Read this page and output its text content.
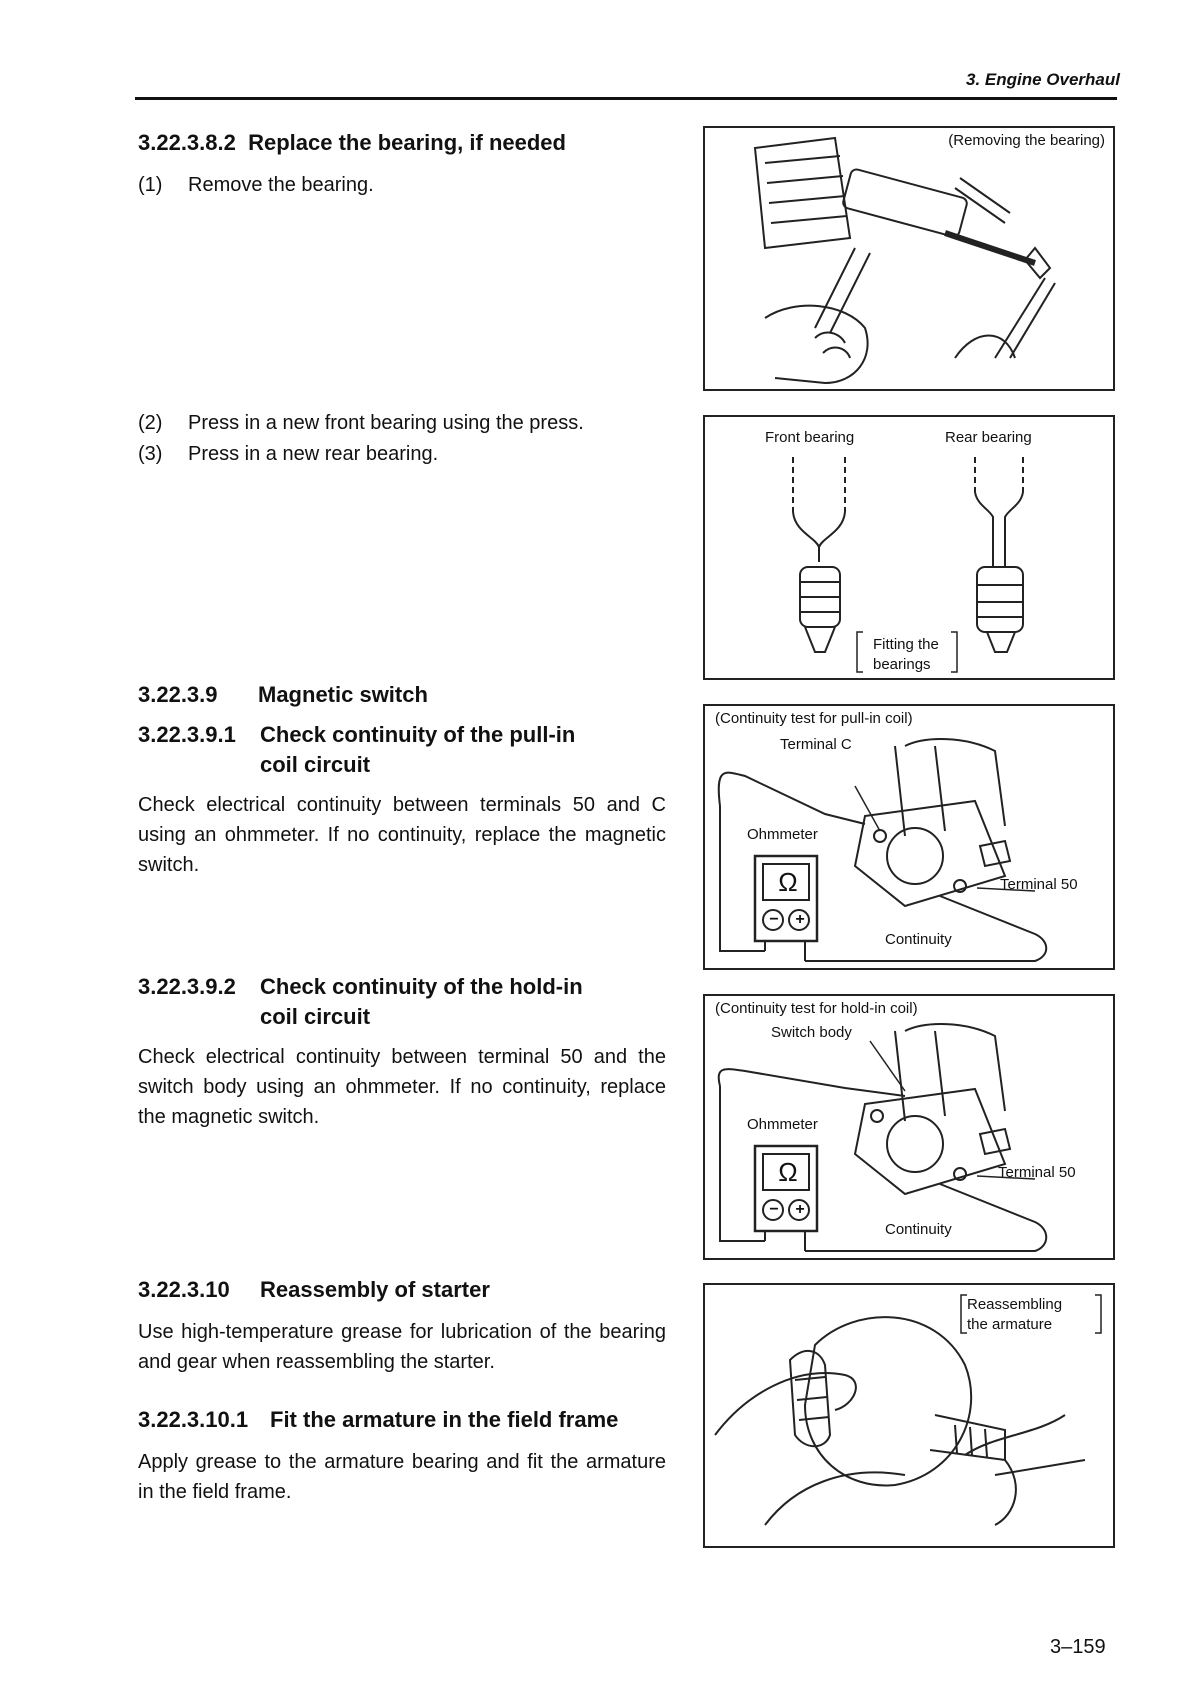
3. Engine Overhaul
3.22.3.8.2 Replace the bearing, if needed
(1) Remove the bearing.
(2) Press in a new front bearing using the press.
(3) Press in a new rear bearing.
3.22.3.9 Magnetic switch
3.22.3.9.1 Check continuity of the pull-in
coil circuit
Check electrical continuity between terminals 50 and C using an ohmmeter. If no continuity, replace the magnetic switch.
3.22.3.9.2 Check continuity of the hold-in
coil circuit
Check electrical continuity between terminal 50 and the switch body using an ohmmeter. If no continuity, replace the magnetic switch.
3.22.3.10 Reassembly of starter
Use high-temperature grease for lubrication of the bearing and gear when reassembling the starter.
3.22.3.10.1 Fit the armature in the field frame
Apply grease to the armature bearing and fit the armature in the field frame.
(Removing the bearing)
Front bearing	Rear bearing
Fitting the
bearings
(Continuity test for pull-in coil)
Terminal C
Ohmmeter
Ω
− +
Terminal 50
Continuity
(Continuity test for hold-in coil)
Switch body
Ohmmeter
Ω
− +
Terminal 50
Continuity
Reassembling
the armature
3–159
